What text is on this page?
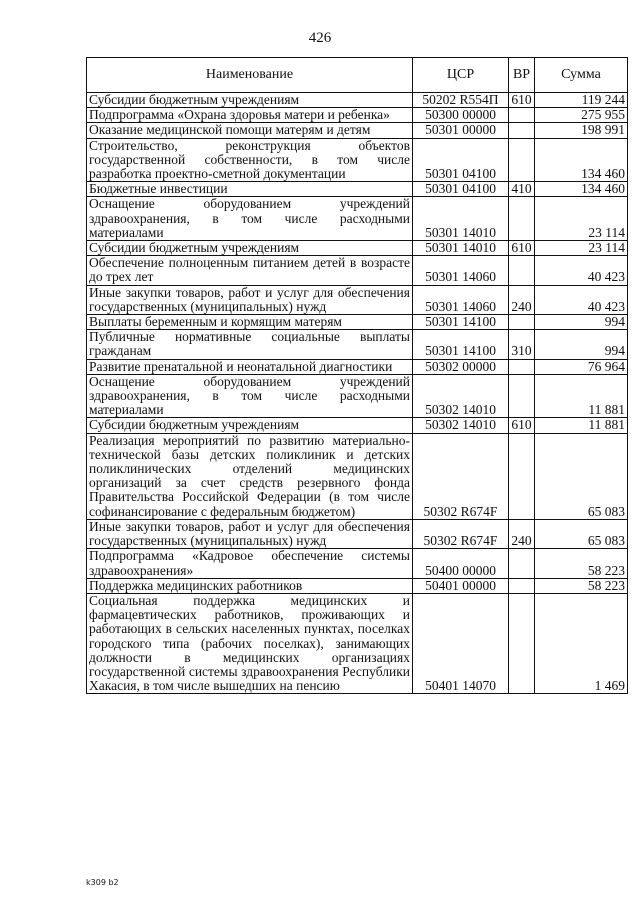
426
Наименование	ЦСР	ВР	Сумма
Субсидии бюджетным учреждениям	50202 R554П	610	119 244
Подпрограмма «Охрана здоровья матери и ребенка»	50300 00000		275 955
Оказание медицинской помощи матерям и детям	50301 00000		198 991
Строительство, реконструкция объектов государственной собственности, в том числе разработка проектно-сметной документации	50301 04100		134 460
Бюджетные инвестиции	50301 04100	410	134 460
Оснащение оборудованием учреждений здравоохранения, в том числе расходными материалами	50301 14010		23 114
Субсидии бюджетным учреждениям	50301 14010	610	23 114
Обеспечение полноценным питанием детей в возрасте до трех лет	50301 14060		40 423
Иные закупки товаров, работ и услуг для обеспечения государственных (муниципальных) нужд	50301 14060	240	40 423
Выплаты беременным и кормящим матерям	50301 14100		994
Публичные нормативные социальные выплаты гражданам	50301 14100	310	994
Развитие пренатальной и неонатальной диагностики	50302 00000		76 964
Оснащение оборудованием учреждений здравоохранения, в том числе расходными материалами	50302 14010		11 881
Субсидии бюджетным учреждениям	50302 14010	610	11 881
Реализация мероприятий по развитию материально-технической базы детских поликлиник и детских поликлинических отделений медицинских организаций за счет средств резервного фонда Правительства Российской Федерации (в том числе софинансирование с федеральным бюджетом)	50302 R674F		65 083
Иные закупки товаров, работ и услуг для обеспечения государственных (муниципальных) нужд	50302 R674F	240	65 083
Подпрограмма «Кадровое обеспечение системы здравоохранения»	50400 00000		58 223
Поддержка медицинских работников	50401 00000		58 223
Социальная поддержка медицинских и фармацевтических работников, проживающих и работающих в сельских населенных пунктах, поселках городского типа (рабочих поселках), занимающих должности в медицинских организациях государственной системы здравоохранения Республики Хакасия, в том числе вышедших на пенсию	50401 14070		1 469
k309 b2
